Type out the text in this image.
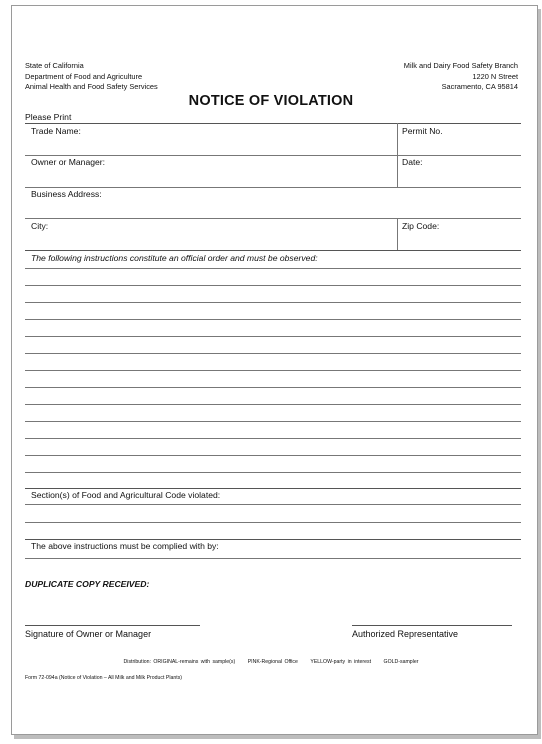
State of California
Department of Food and Agriculture
Animal Health and Food Safety Services
Milk and Dairy Food Safety Branch
1220 N Street
Sacramento, CA 95814
NOTICE OF VIOLATION
Please Print
Trade Name:	Permit No.
Owner or Manager:	Date:
Business Address:
City:	Zip Code:
The following instructions constitute an official order and must be observed:
Section(s) of Food and Agricultural Code violated:
The above instructions must be complied with by:
DUPLICATE COPY RECEIVED:
Signature of Owner or Manager	Authorized Representative
Distribution: ORIGINAL-remains with sample(s) PINK-Regional Office YELLOW-party in interest GOLD-sampler
Form 72-094a (Notice of Violation – All Milk and Milk Product Plants)
